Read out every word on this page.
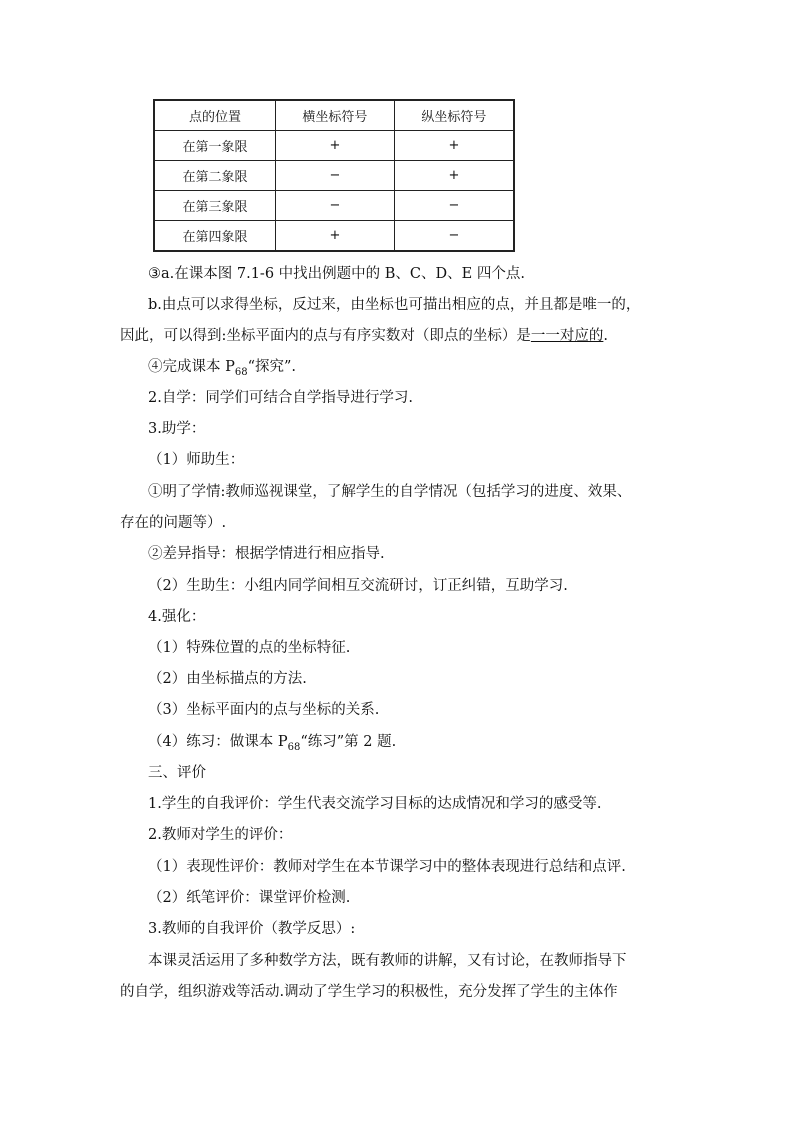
点的位置	横坐标符号	纵坐标符号
在第一象限	+	+
在第二象限	−	+
在第三象限	−	−
在第四象限	+	−
③a.在课本图 7.1-6 中找出例题中的 B、C、D、E 四个点.
b.由点可以求得坐标，反过来，由坐标也可描出相应的点，并且都是唯一的，
因此，可以得到:坐标平面内的点与有序实数对（即点的坐标）是一一对应的.
④完成课本 $P_{68}“$探究”.
2.自学：同学们可结合自学指导进行学习.
3.助学：
（1）师助生：
①明了学情:教师巡视课堂，了解学生的自学情况（包括学习的进度、效果、
存在的问题等）.
②差异指导：根据学情进行相应指导.
（2）生助生：小组内同学间相互交流研讨，订正纠错，互助学习.
4.强化：
（1）特殊位置的点的坐标特征.
（2）由坐标描点的方法.
（3）坐标平面内的点与坐标的关系.
（4）练习：做课本 $P_{68}“$练习”第 2 题.
三、评价
1.学生的自我评价：学生代表交流学习目标的达成情况和学习的感受等.
2.教师对学生的评价：
（1）表现性评价：教师对学生在本节课学习中的整体表现进行总结和点评.
（2）纸笔评价：课堂评价检测.
3.教师的自我评价（教学反思）:
本课灵活运用了多种数学方法，既有教师的讲解，又有讨论，在教师指导下
的自学，组织游戏等活动.调动了学生学习的积极性，充分发挥了学生的主体作
